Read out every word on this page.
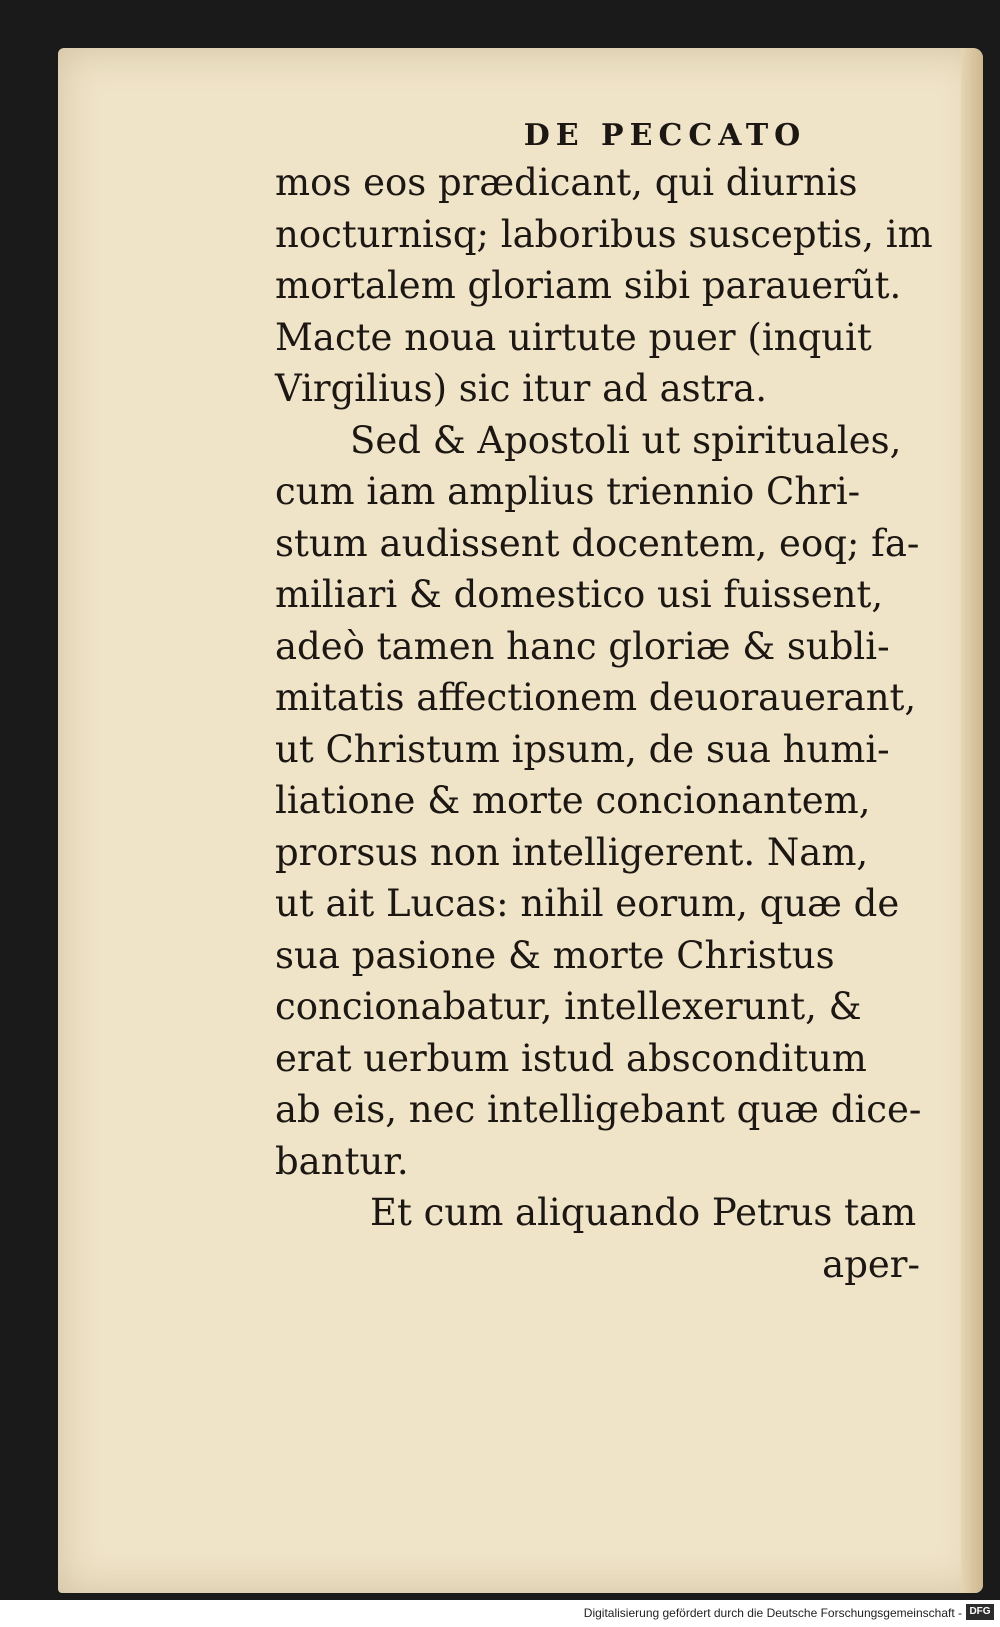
DE PECCATO
mos eos prædicant, qui diurnis
nocturnisq; laboribus susceptis, im
mortalem gloriam sibi parauerũt.
Macte noua uirtute puer (inquit
Virgilius) sic itur ad astra.
Sed & Apostoli ut spirituales,
cum iam amplius triennio Chri-
stum audissent docentem, eoq; fa-
miliari & domestico usi fuissent,
adeò tamen hanc gloriæ & subli-
mitatis affectionem deuorauerant,
ut Christum ipsum, de sua humi-
liatione & morte concionantem,
prorsus non intelligerent. Nam,
ut ait Lucas: nihil eorum, quæ de
sua pasione & morte Christus
concionabatur, intellexerunt, &
erat uerbum istud absconditum
ab eis, nec intelligebant quæ dice-
bantur.
Et cum aliquando Petrus tam
aper-
Digitalisierung gefördert durch die Deutsche Forschungsgemeinschaft - DFG
